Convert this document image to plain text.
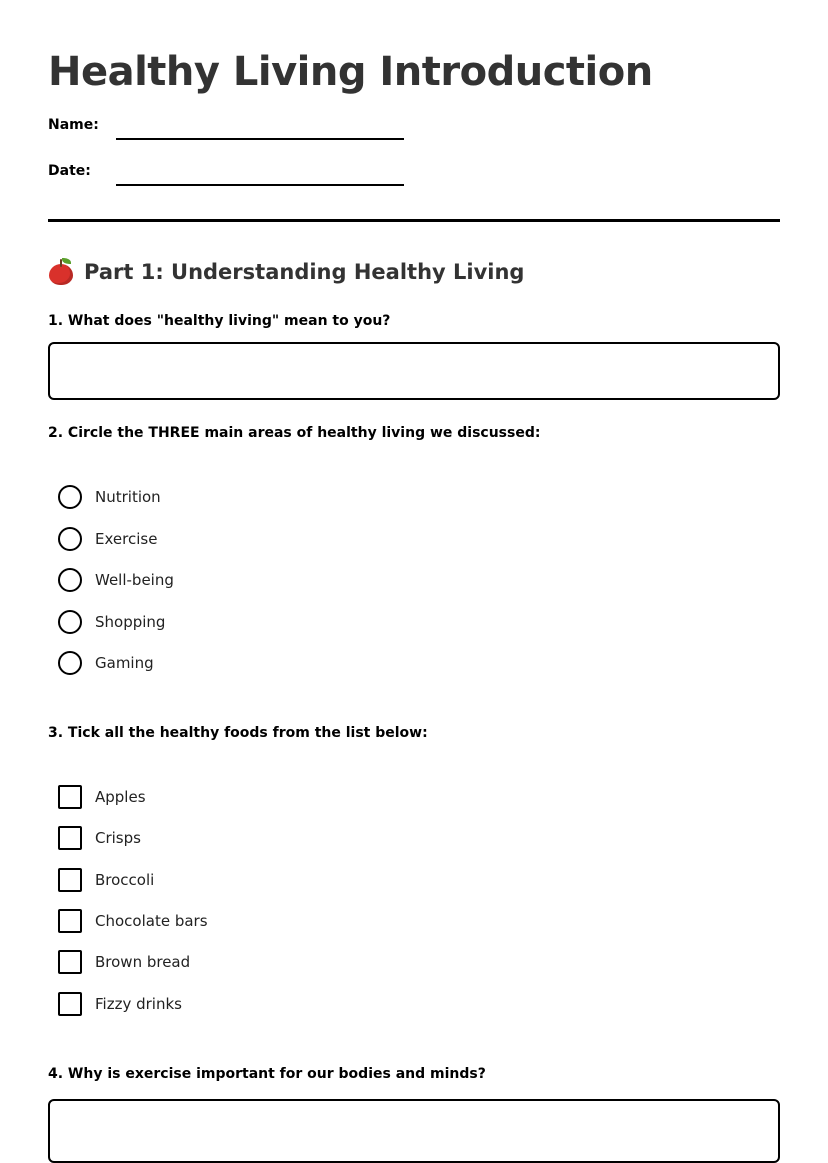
Healthy Living Introduction
Name:
Date:
Part 1: Understanding Healthy Living
1. What does "healthy living" mean to you?
2. Circle the THREE main areas of healthy living we discussed:
Nutrition
Exercise
Well-being
Shopping
Gaming
3. Tick all the healthy foods from the list below:
Apples
Crisps
Broccoli
Chocolate bars
Brown bread
Fizzy drinks
4. Why is exercise important for our bodies and minds?
